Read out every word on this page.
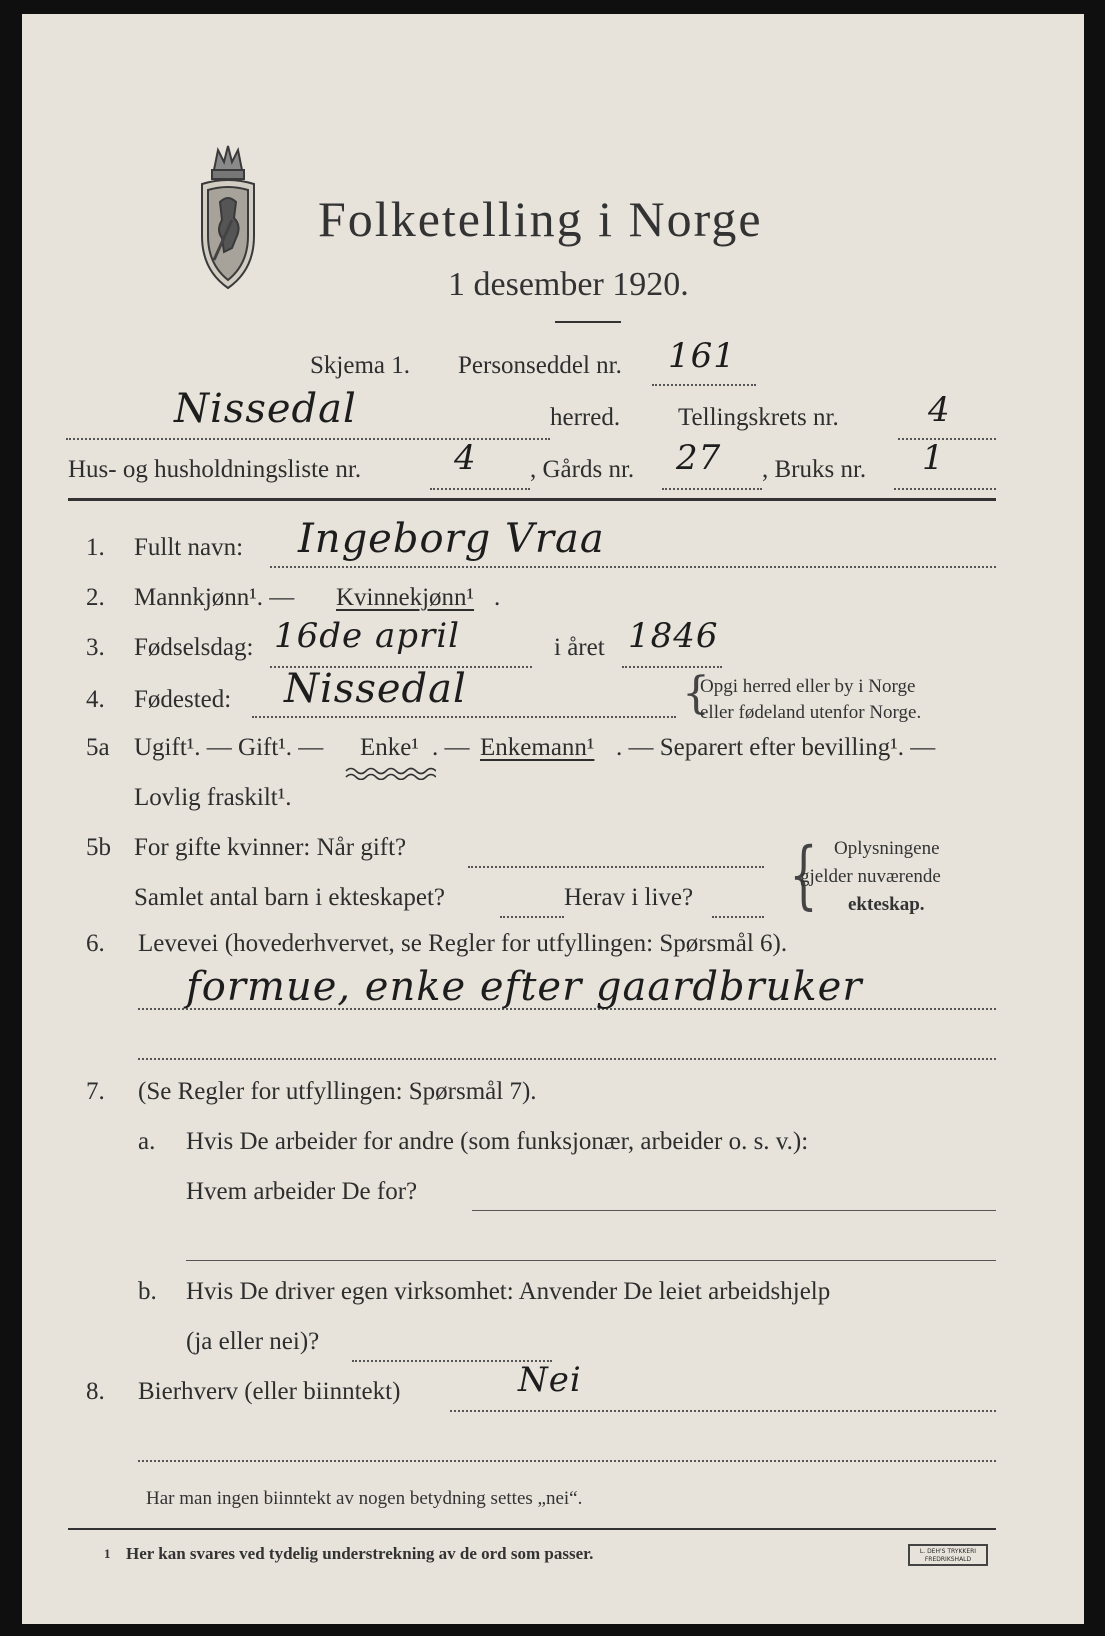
Folketelling i Norge
1 desember 1920.
Skjema 1. Personseddel nr. 161
Nissedal	herred. Tellingskrets nr.	4
Hus- og husholdningsliste nr.	4 , Gårds nr. 27 , Bruks nr. 1
1. Fullt navn: Ingeborg Vraa
2. Mannkjønn¹. — Kvinnekjønn¹ .
3. Fødselsdag: 16de april	i året 1846
4. Fødested: Nissedal	{
Opgi herred eller by i Norge
eller fødeland utenfor Norge.
5a Ugift¹. — Gift¹. — Enke¹ . — Enkemann¹ . — Separert efter bevilling¹. —
Lovlig fraskilt¹.
5b For gifte kvinner: Når gift?
Samlet antal barn i ekteskapet?	Herav i live? { Oplysningene
gjelder nuværende
ekteskap.
6. Levevei (hovederhvervet, se Regler for utfyllingen: Spørsmål 6).
formue, enke efter gaardbruker
7. (Se Regler for utfyllingen: Spørsmål 7).
a. Hvis De arbeider for andre (som funksjonær, arbeider o. s. v.):
Hvem arbeider De for?
b. Hvis De driver egen virksomhet: Anvender De leiet arbeidshjelp
(ja eller nei)?
8. Bierhverv (eller biinntekt)	Nei
Har man ingen biinntekt av nogen betydning settes „nei“.
1 Her kan svares ved tydelig understrekning av de ord som passer.	L. DEH'S TRYKKERI FREDRIKSHALD
